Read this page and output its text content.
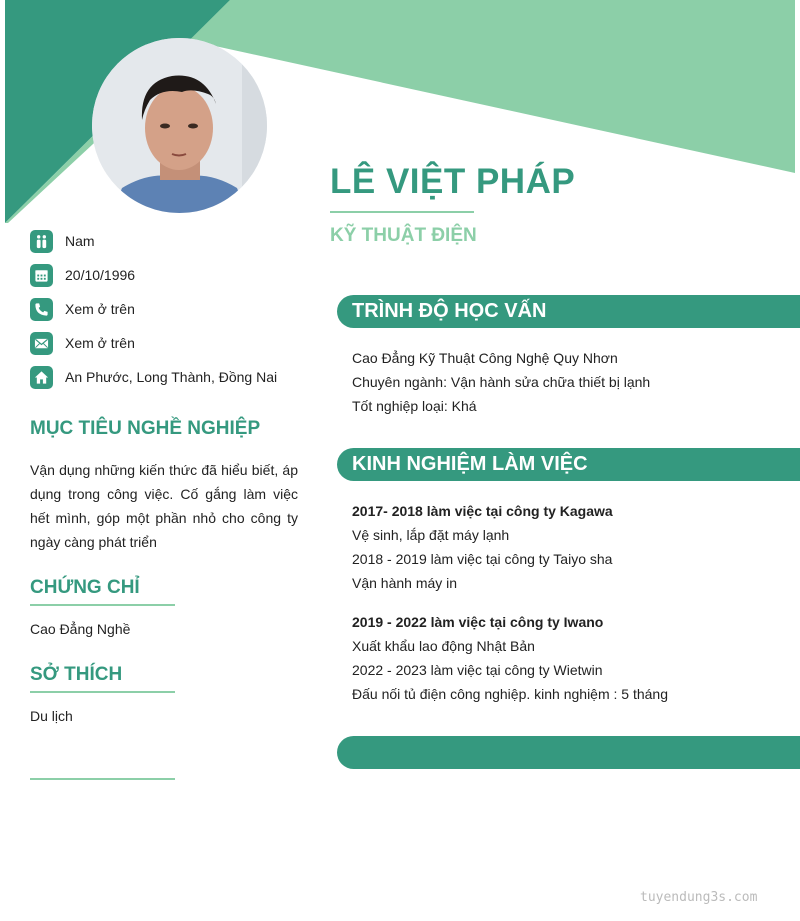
LÊ VIỆT PHÁP
KỸ THUẬT ĐIỆN
Nam
20/10/1996
Xem ở trên
Xem ở trên
An Phước, Long Thành, Đồng Nai
MỤC TIÊU NGHỀ NGHIỆP
Vận dụng những kiến thức đã hiểu biết, áp dụng trong công việc. Cố gắng làm việc hết mình, góp một phần nhỏ cho công ty ngày càng phát triển
CHỨNG CHỈ
Cao Đẳng Nghề
SỞ THÍCH
Du lịch
TRÌNH ĐỘ HỌC VẤN
Cao Đẳng Kỹ Thuật Công Nghệ Quy Nhơn
Chuyên ngành: Vận hành sửa chữa thiết bị lạnh
Tốt nghiệp loại: Khá
KINH NGHIỆM LÀM VIỆC
2017- 2018 làm việc tại công ty Kagawa
Vệ sinh, lắp đặt máy lạnh
2018 - 2019 làm việc tại công ty Taiyo sha
Vận hành máy in
2019 - 2022 làm việc tại công ty Iwano
Xuất khẩu lao động Nhật Bản
2022 - 2023 làm việc tại công ty Wietwin
Đấu nối tủ điện công nghiệp. kinh nghiệm : 5 tháng
tuyendung3s.com
